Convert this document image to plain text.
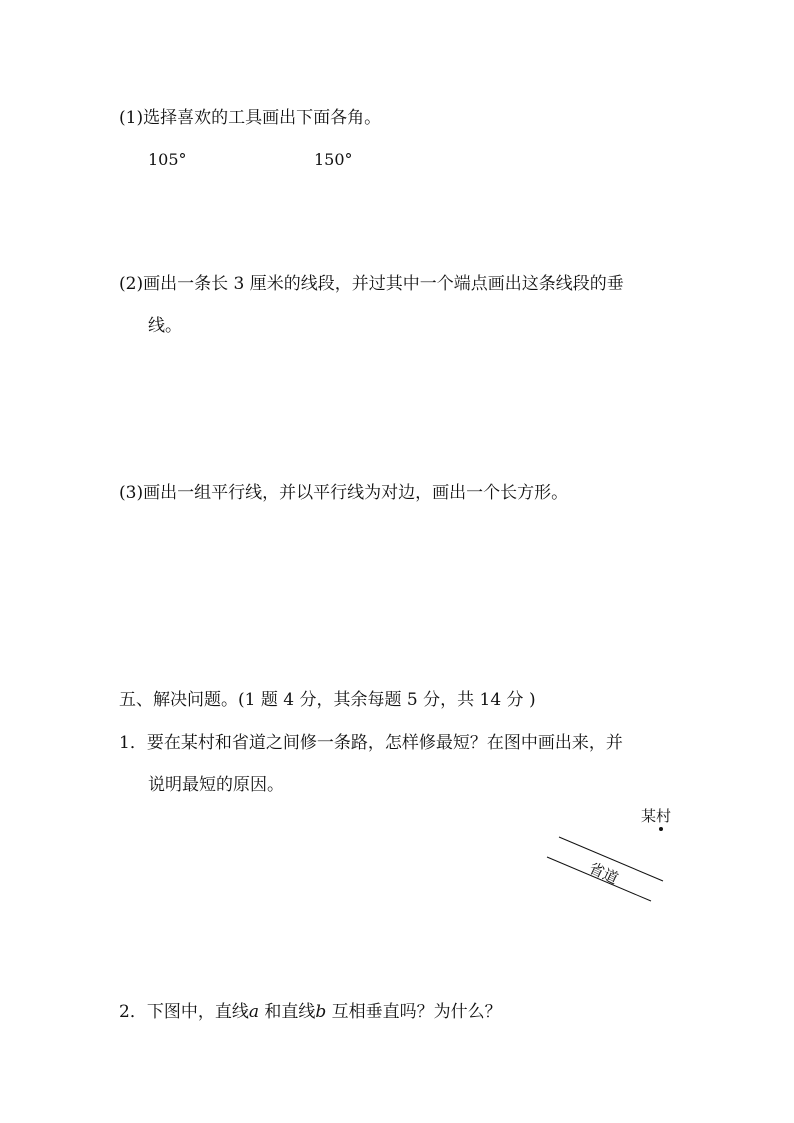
(1)选择喜欢的工具画出下面各角。
105°	150°
(2)画出一条长 3 厘米的线段，并过其中一个端点画出这条线段的垂
线。
(3)画出一组平行线，并以平行线为对边，画出一个长方形。
五、解决问题。(1 题 4 分，其余每题 5 分，共 14 分 )
1．要在某村和省道之间修一条路，怎样修最短？在图中画出来，并
说明最短的原因。
某村
省道
2．下图中，直线a 和直线b 互相垂直吗？为什么？
